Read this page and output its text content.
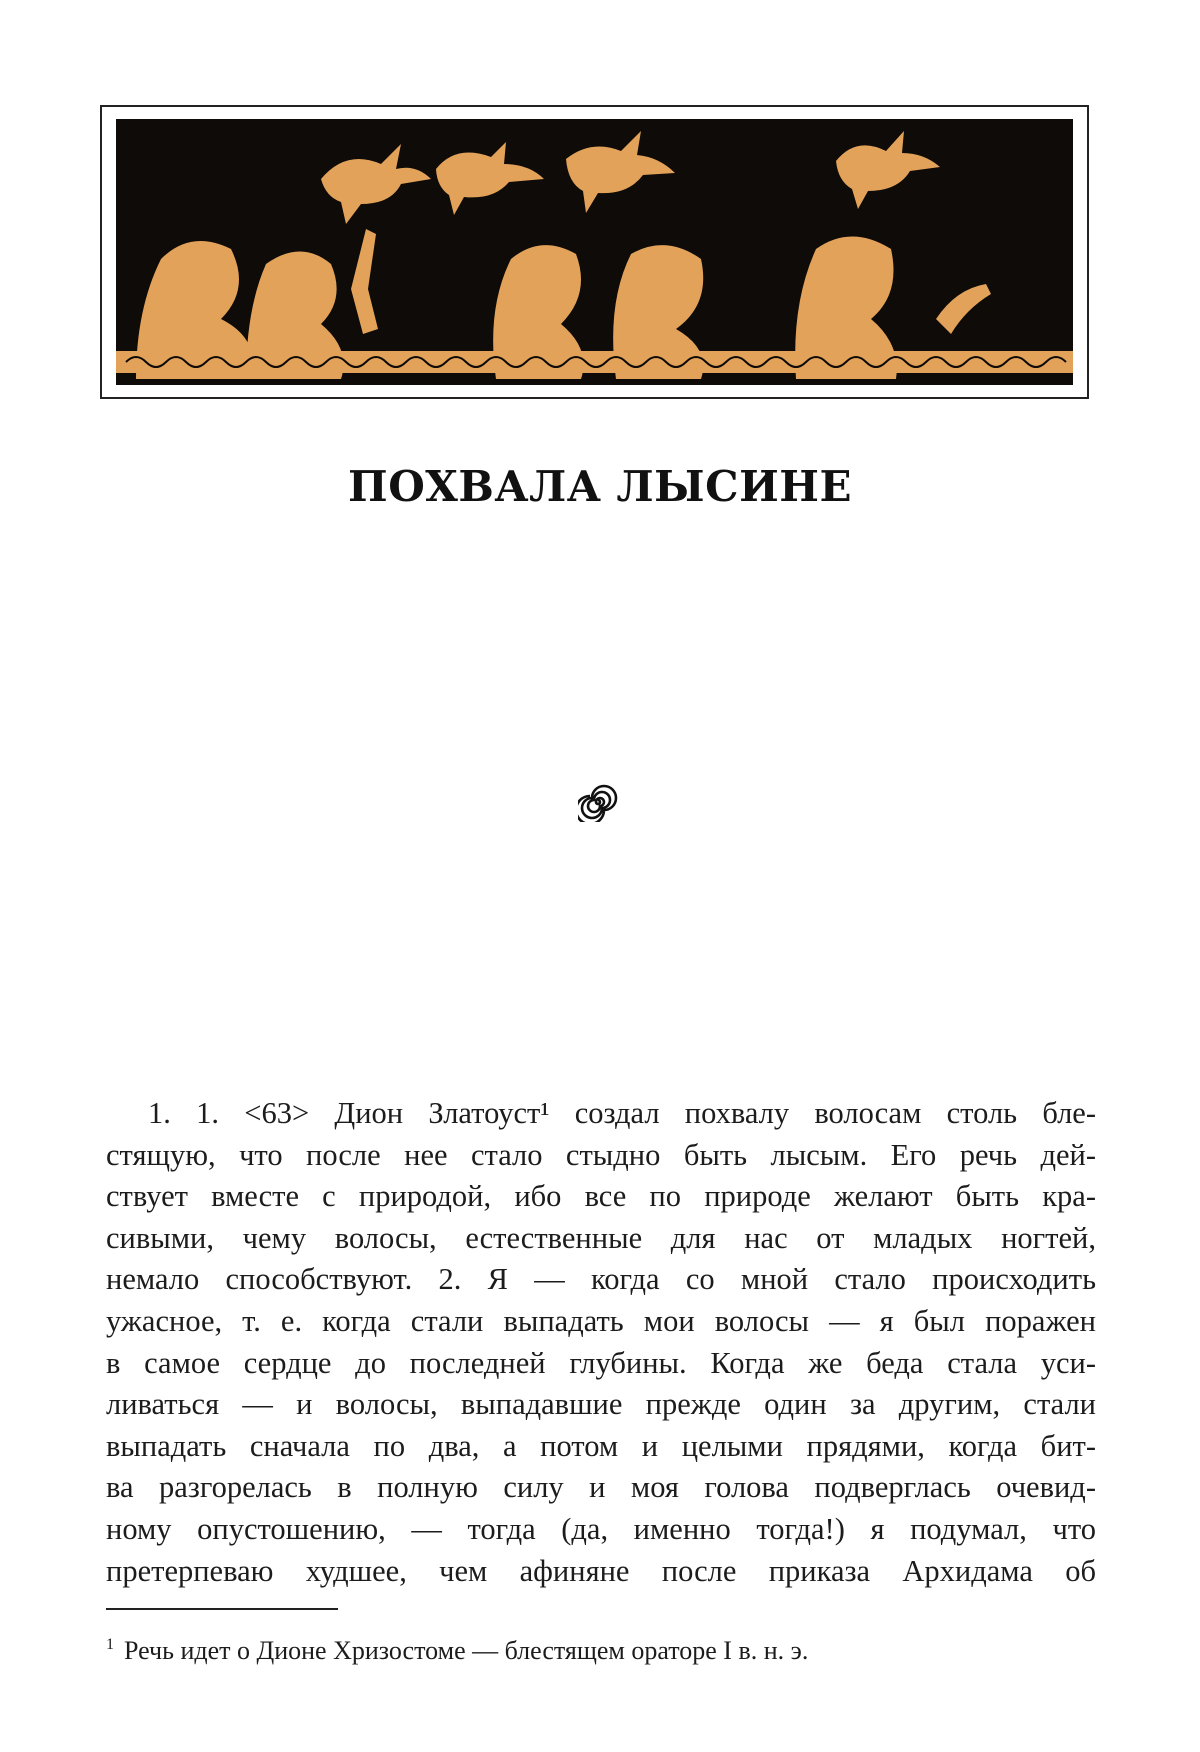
ПОХВАЛА ЛЫСИНЕ
1. 1. <63> Дион Златоуст¹ создал похвалу волосам столь бле-
стящую, что после нее стало стыдно быть лысым. Его речь дей-
ствует вместе с природой, ибо все по природе желают быть кра-
сивыми, чему волосы, естественные для нас от младых ногтей,
немало способствуют. 2. Я — когда со мной стало происходить
ужасное, т. е. когда стали выпадать мои волосы — я был поражен
в самое сердце до последней глубины. Когда же беда стала уси-
ливаться — и волосы, выпадавшие прежде один за другим, стали
выпадать сначала по два, а потом и целыми прядями, когда бит-
ва разгорелась в полную силу и моя голова подверглась очевид-
ному опустошению, — тогда (да, именно тогда!) я подумал, что
претерпеваю худшее, чем афиняне после приказа Архидама об
$^1$ Речь идет о Дионе Хризостоме — блестящем ораторе I в. н. э.
